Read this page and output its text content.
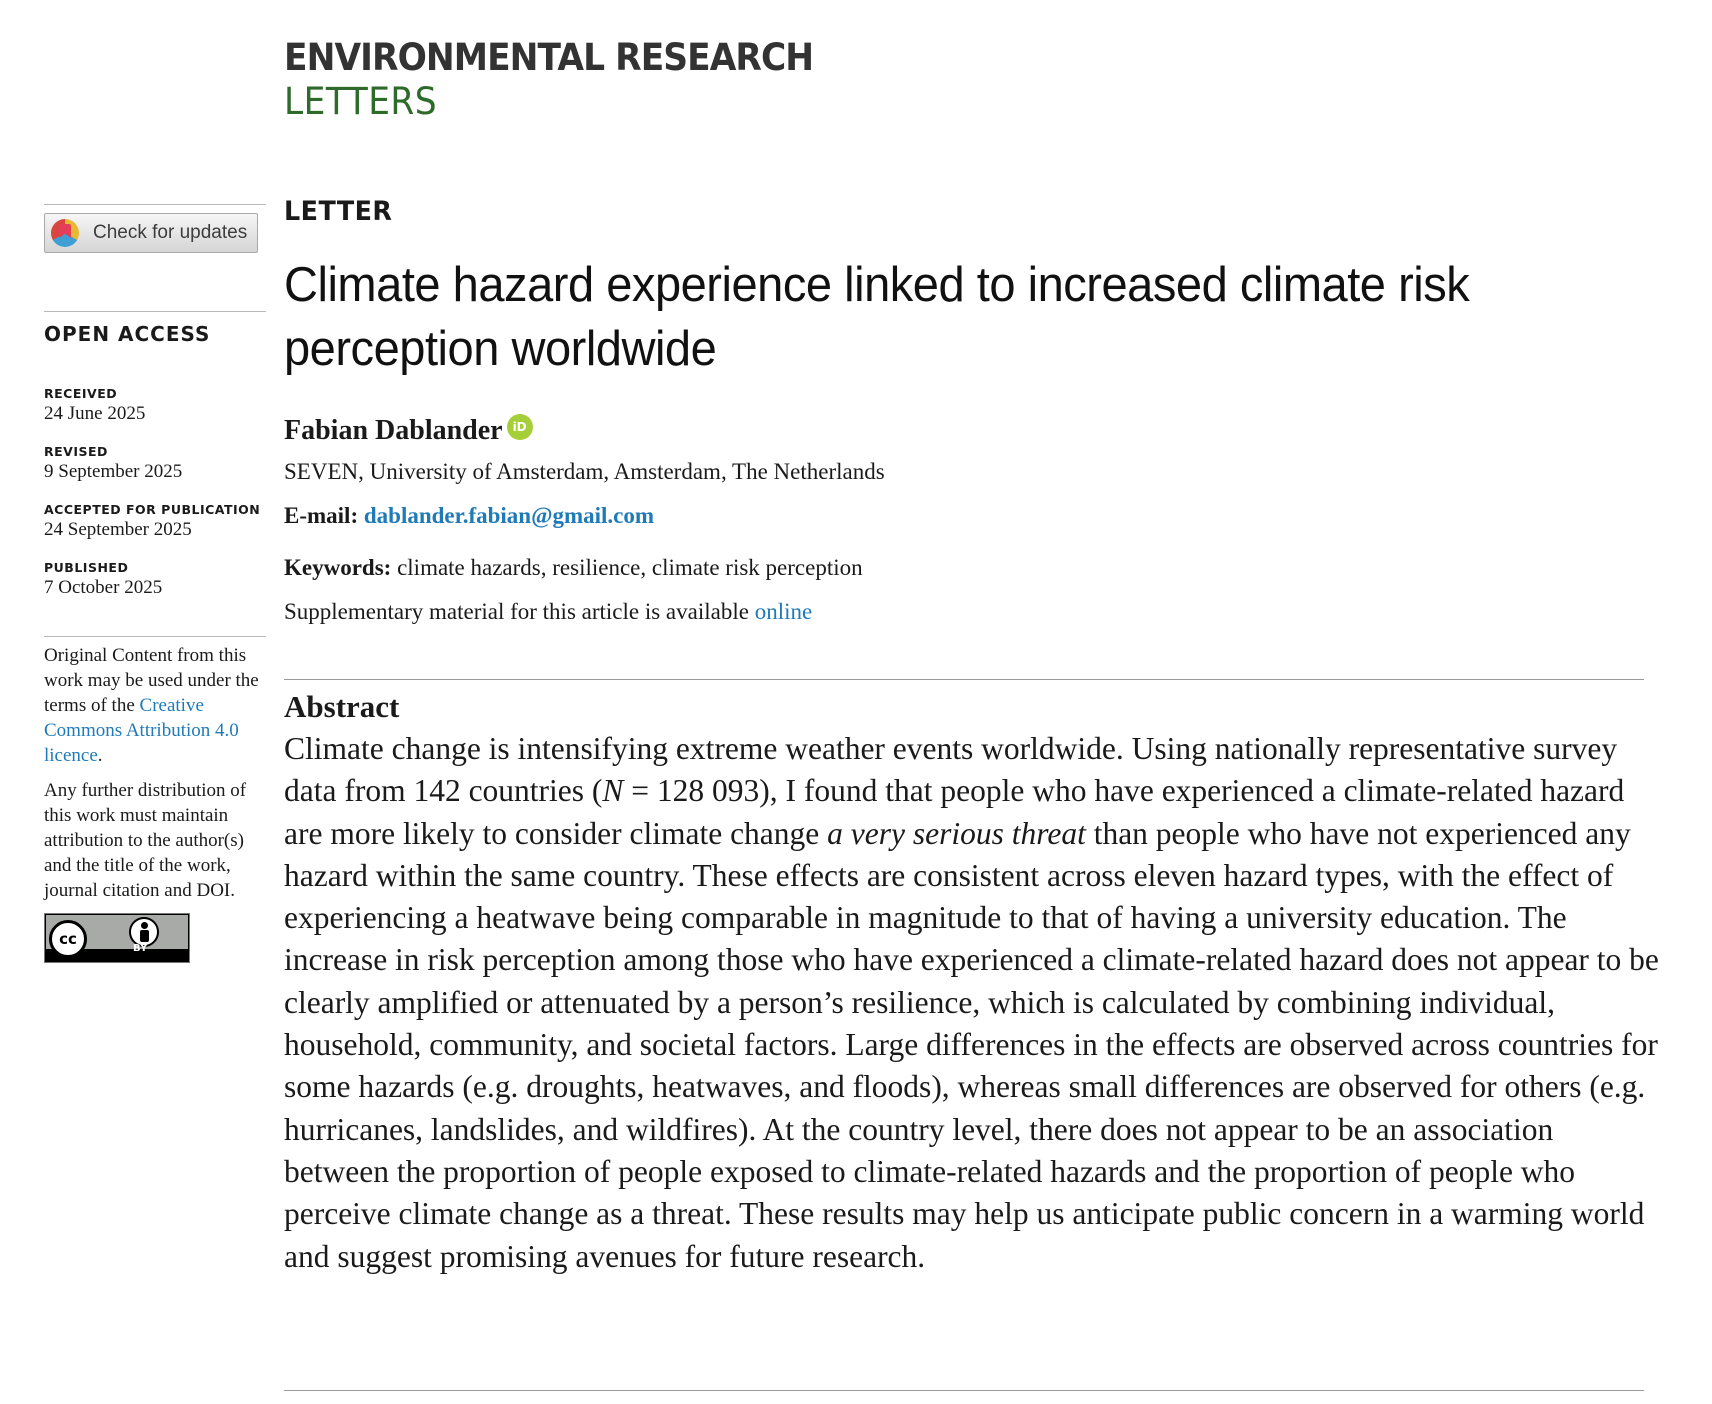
ENVIRONMENTAL RESEARCH
LETTERS
Check for updates
OPEN ACCESS
RECEIVED
24 June 2025
REVISED
9 September 2025
ACCEPTED FOR PUBLICATION
24 September 2025
PUBLISHED
7 October 2025

Original Content from this work may be used under the terms of the Creative Commons Attribution 4.0 licence.

Any further distribution of this work must maintain attribution to the author(s) and the title of the work, journal citation and DOI.

cc
BY
LETTER
Climate hazard experience linked to increased climate risk perception worldwide
Fabian Dablander iD
SEVEN, University of Amsterdam, Amsterdam, The Netherlands
E-mail: dablander.fabian@gmail.com
Keywords: climate hazards, resilience, climate risk perception
Supplementary material for this article is available online
Abstract
Climate change is intensifying extreme weather events worldwide. Using nationally representative survey data from 142 countries (N = 128 093), I found that people who have experienced a climate-related hazard are more likely to consider climate change a very serious threat than people who have not experienced any hazard within the same country. These effects are consistent across eleven hazard types, with the effect of experiencing a heatwave being comparable in magnitude to that of having a university education. The increase in risk perception among those who have experienced a climate-related hazard does not appear to be clearly amplified or attenuated by a person’s resilience, which is calculated by combining individual, household, community, and societal factors. Large differences in the effects are observed across countries for some hazards (e.g. droughts, heatwaves, and floods), whereas small differences are observed for others (e.g. hurricanes, landslides, and wildfires). At the country level, there does not appear to be an association between the proportion of people exposed to climate-related hazards and the proportion of people who perceive climate change as a threat. These results may help us anticipate public concern in a warming world and suggest promising avenues for future research.
